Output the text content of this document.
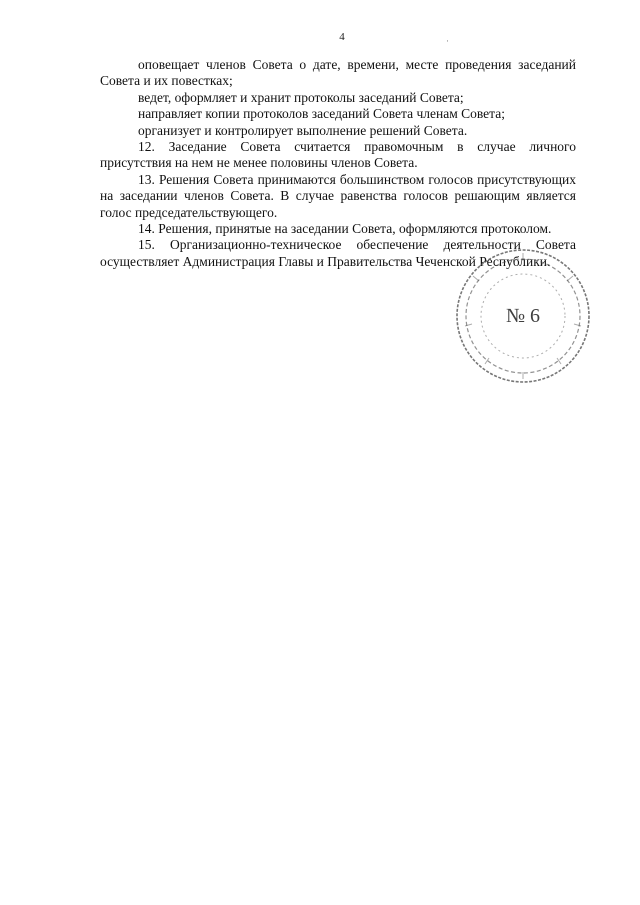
4	·

оповещает членов Совета о дате, времени, месте проведения заседаний Совета и их повестках;

ведет, оформляет и хранит протоколы заседаний Совета;

направляет копии протоколов заседаний Совета членам Совета;

организует и контролирует выполнение решений Совета.

12. Заседание Совета считается правомочным в случае личного присутствия на нем не менее половины членов Совета.

13. Решения Совета принимаются большинством голосов присутствующих на заседании членов Совета. В случае равенства голосов решающим является голос председательствующего.

14. Решения, принятые на заседании Совета, оформляются протоколом.

15. Организационно-техническое обеспечение деятельности Совета осуществляет Администрация Главы и Правительства Чеченской Республики.

№ 6
